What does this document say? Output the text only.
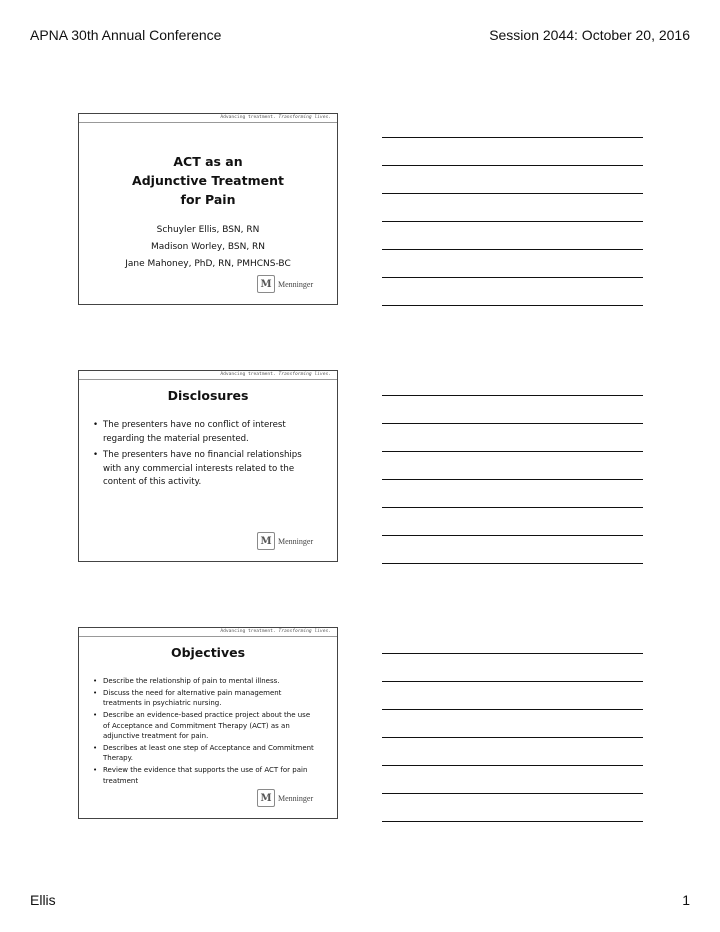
APNA 30th Annual Conference	Session 2044: October 20, 2016
Advancing treatment. Transforming lives.
ACT as an
Adjunctive Treatment
for Pain
Schuyler Ellis, BSN, RN
Madison Worley, BSN, RN
Jane Mahoney, PhD, RN, PMHCNS-BC
M Menninger
Advancing treatment. Transforming lives.
Disclosures
• The presenters have no conflict of interest regarding the material presented.
• The presenters have no financial relationships with any commercial interests related to the content of this activity.
M Menninger
Advancing treatment. Transforming lives.
Objectives
• Describe the relationship of pain to mental illness.
• Discuss the need for alternative pain management treatments in psychiatric nursing.
• Describe an evidence-based practice project about the use of Acceptance and Commitment Therapy (ACT) as an adjunctive treatment for pain.
• Describes at least one step of Acceptance and Commitment Therapy.
• Review the evidence that supports the use of ACT for pain treatment
M Menninger
Ellis	1
